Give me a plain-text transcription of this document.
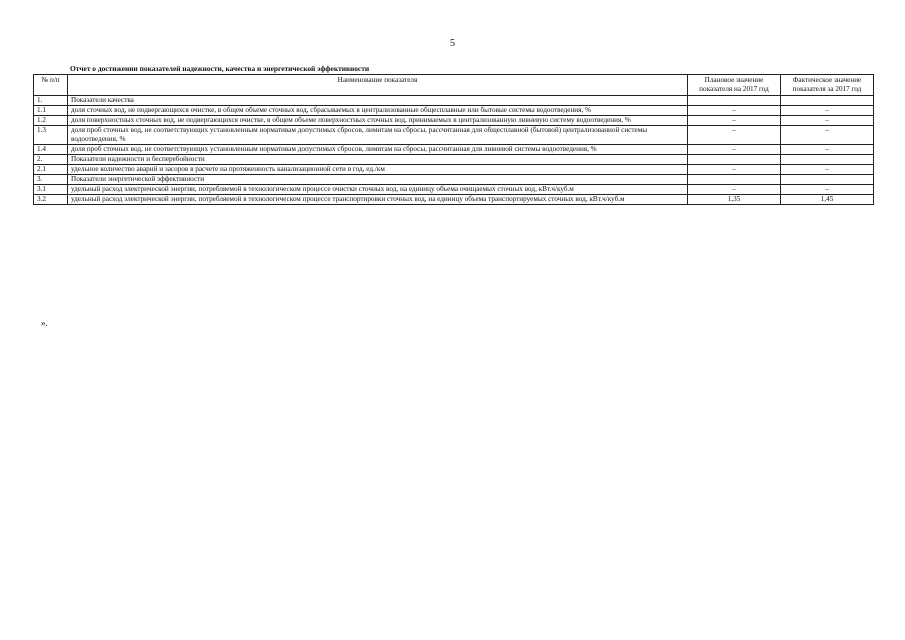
5
Отчет о достижении показателей надежности, качества и энергетической эффективности
№ п/п	Наименование показателя	Плановое значение показателя на 2017 год	Фактическое значение показателя за 2017 год
1.	Показатели качества		
1.1	доля сточных вод, не подвергающихся очистке, в общем объеме сточных вод, сбрасываемых в централизованные общесплавные или бытовые системы водоотведения, %	–	–
1.2	доля поверхностных сточных вод, не подвергающихся очистке, в общем объеме поверхностных сточных вод, принимаемых в централизованную ливневую систему водоотведения, %	–	–
1.3	доля проб сточных вод, не соответствующих установленным нормативам допустимых сбросов, лимитам на сбросы, рассчитанная для общесплавной (бытовой) централизованной системы водоотведения, %	–	–
1.4	доля проб сточных вод, не соответствующих установленным нормативам допустимых сбросов, лимитам на сбросы, рассчитанная для ливневой системы водоотведения, %	–	–
2.	Показатели надежности и бесперебойности		
2.1	удельное количество аварий и засоров в расчете на протяженность канализационной сети в год, ед./км	–	–
3.	Показатели энергетической эффективности		
3.1	удельный расход электрической энергии, потребляемой в технологическом процессе очистки сточных вод, на единицу объема очищаемых сточных вод, кВт.ч/куб.м	–	–
3.2	удельный расход электрической энергии, потребляемой в технологическом процессе транспортировки сточных вод, на единицу объема транспортируемых сточных вод, кВт.ч/куб.м	1,35	1,45
».
